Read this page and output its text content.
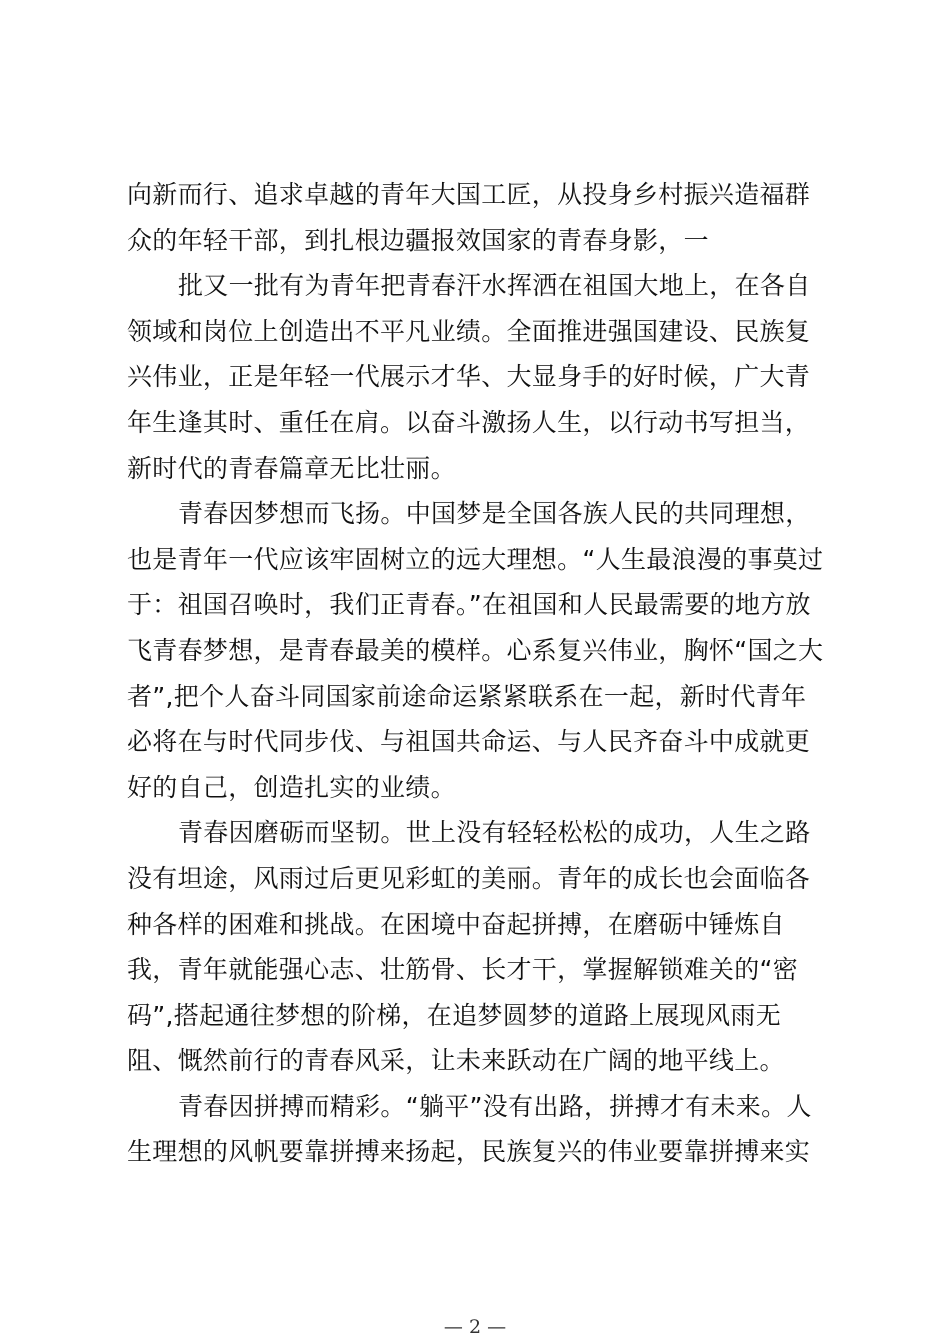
向新而行、追求卓越的青年大国工匠，从投身乡村振兴造福群
众的年轻干部，到扎根边疆报效国家的青春身影，一
批又一批有为青年把青春汗水挥洒在祖国大地上，在各自
领域和岗位上创造出不平凡业绩。全面推进强国建设、民族复
兴伟业，正是年轻一代展示才华、大显身手的好时候，广大青
年生逢其时、重任在肩。以奋斗激扬人生，以行动书写担当，
新时代的青春篇章无比壮丽。
青春因梦想而飞扬。中国梦是全国各族人民的共同理想，
也是青年一代应该牢固树立的远大理想。“人生最浪漫的事莫过
于：祖国召唤时，我们正青春。”在祖国和人民最需要的地方放
飞青春梦想，是青春最美的模样。心系复兴伟业，胸怀“国之大
者”,把个人奋斗同国家前途命运紧紧联系在一起，新时代青年
必将在与时代同步伐、与祖国共命运、与人民齐奋斗中成就更
好的自己，创造扎实的业绩。
青春因磨砺而坚韧。世上没有轻轻松松的成功，人生之路
没有坦途，风雨过后更见彩虹的美丽。青年的成长也会面临各
种各样的困难和挑战。在困境中奋起拼搏，在磨砺中锤炼自
我，青年就能强心志、壮筋骨、长才干，掌握解锁难关的“密
码”,搭起通往梦想的阶梯，在追梦圆梦的道路上展现风雨无
阻、慨然前行的青春风采，让未来跃动在广阔的地平线上。
青春因拼搏而精彩。“躺平”没有出路，拼搏才有未来。人
生理想的风帆要靠拼搏来扬起，民族复兴的伟业要靠拼搏来实
— 2 —
